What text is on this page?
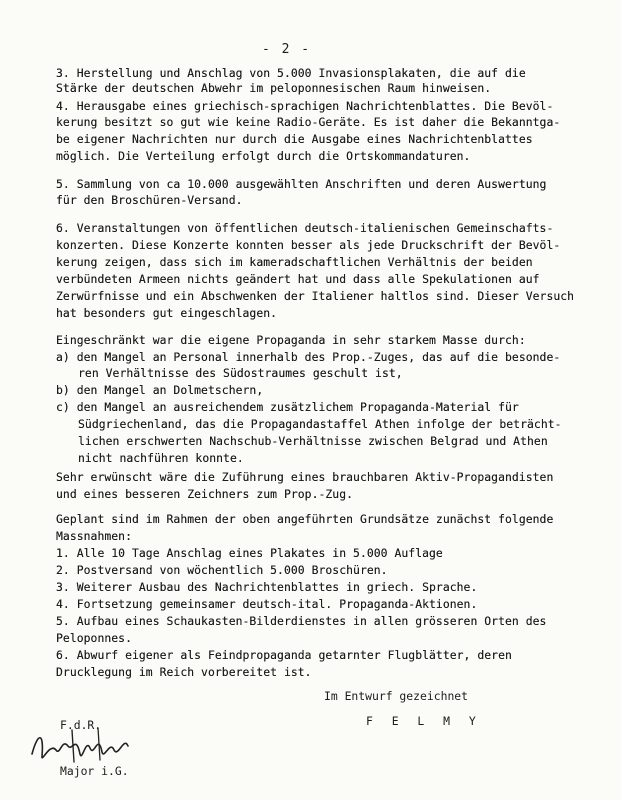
- 2 -
3. Herstellung und Anschlag von 5.000 Invasionsplakaten, die auf die
Stärke der deutschen Abwehr im peloponnesischen Raum hinweisen.
4. Herausgabe eines griechisch-sprachigen Nachrichtenblattes. Die Bevöl-
kerung besitzt so gut wie keine Radio-Geräte. Es ist daher die Bekanntga-
be eigener Nachrichten nur durch die Ausgabe eines Nachrichtenblattes
möglich. Die Verteilung erfolgt durch die Ortskommandaturen.
5. Sammlung von ca 10.000 ausgewählten Anschriften und deren Auswertung
für den Broschüren-Versand.
6. Veranstaltungen von öffentlichen deutsch-italienischen Gemeinschafts-
konzerten. Diese Konzerte konnten besser als jede Druckschrift der Bevöl-
kerung zeigen, dass sich im kameradschaftlichen Verhältnis der beiden
verbündeten Armeen nichts geändert hat und dass alle Spekulationen auf
Zerwürfnisse und ein Abschwenken der Italiener haltlos sind. Dieser Versuch
hat besonders gut eingeschlagen.
Eingeschränkt war die eigene Propaganda in sehr starkem Masse durch:
a) den Mangel an Personal innerhalb des Prop.-Zuges, das auf die besonde-
ren Verhältnisse des Südostraumes geschult ist,
b) den Mangel an Dolmetschern,
c) den Mangel an ausreichendem zusätzlichem Propaganda-Material für
Südgriechenland, das die Propagandastaffel Athen infolge der beträcht-
lichen erschwerten Nachschub-Verhältnisse zwischen Belgrad und Athen
nicht nachführen konnte.
Sehr erwünscht wäre die Zuführung eines brauchbaren Aktiv-Propagandisten
und eines besseren Zeichners zum Prop.-Zug.
Geplant sind im Rahmen der oben angeführten Grundsätze zunächst folgende
Massnahmen:
1. Alle 10 Tage Anschlag eines Plakates in 5.000 Auflage
2. Postversand von wöchentlich 5.000 Broschüren.
3. Weiterer Ausbau des Nachrichtenblattes in griech. Sprache.
4. Fortsetzung gemeinsamer deutsch-ital. Propaganda-Aktionen.
5. Aufbau eines Schaukasten-Bilderdienstes in allen grösseren Orten des
Peloponnes.
6. Abwurf eigener als Feindpropaganda getarnter Flugblätter, deren
Drucklegung im Reich vorbereitet ist.
Im Entwurf gezeichnet
F E L M Y
F.d.R.
Major i.G.
